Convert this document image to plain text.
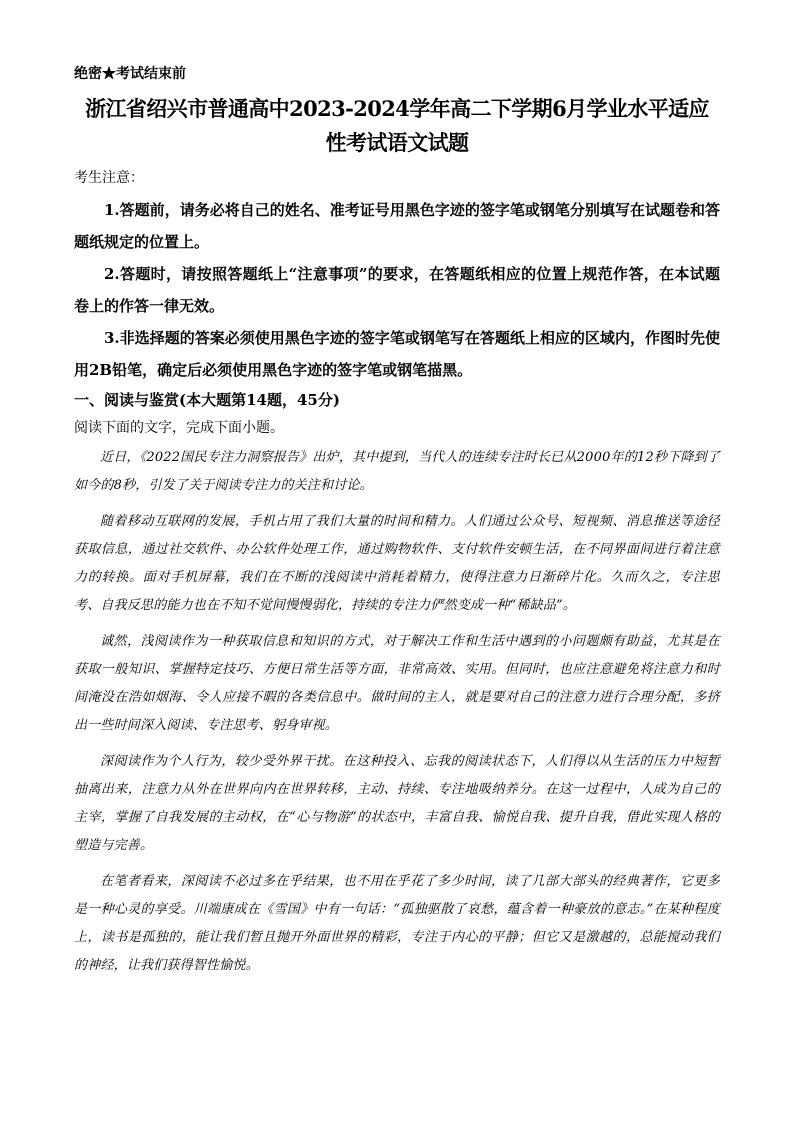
绝密★考试结束前

浙江省绍兴市普通高中2023-2024学年高二下学期6月学业水平适应
性考试语文试题

考生注意：

1.答题前，请务必将自己的姓名、准考证号用黑色字迹的签字笔或钢笔分别填写在试题卷和答题纸规定的位置上。

2.答题时，请按照答题纸上“注意事项”的要求，在答题纸相应的位置上规范作答，在本试题卷上的作答一律无效。

3.非选择题的答案必须使用黑色字迹的签字笔或钢笔写在答题纸上相应的区域内，作图时先使用2B铅笔，确定后必须使用黑色字迹的签字笔或钢笔描黑。

一、阅读与鉴赏(本大题第14题，45分)

阅读下面的文字，完成下面小题。

近日，《2022国民专注力洞察报告》出炉，其中提到，当代人的连续专注时长已从2000年的12秒下降到了如今的8秒，引发了关于阅读专注力的关注和讨论。

随着移动互联网的发展，手机占用了我们大量的时间和精力。人们通过公众号、短视频、消息推送等途径获取信息，通过社交软件、办公软件处理工作，通过购物软件、支付软件安顿生活，在不同界面间进行着注意力的转换。面对手机屏幕，我们在不断的浅阅读中消耗着精力，使得注意力日渐碎片化。久而久之，专注思考、自我反思的能力也在不知不觉间慢慢弱化，持续的专注力俨然变成一种“稀缺品”。

诚然，浅阅读作为一种获取信息和知识的方式，对于解决工作和生活中遇到的小问题颇有助益，尤其是在获取一般知识、掌握特定技巧、方便日常生活等方面，非常高效、实用。但同时，也应注意避免将注意力和时间淹没在浩如烟海、令人应接不暇的各类信息中。做时间的主人，就是要对自己的注意力进行合理分配，多挤出一些时间深入阅读、专注思考、躬身审视。

深阅读作为个人行为，较少受外界干扰。在这种投入、忘我的阅读状态下，人们得以从生活的压力中短暂抽离出来，注意力从外在世界向内在世界转移，主动、持续、专注地吸纳养分。在这一过程中，人成为自己的主宰，掌握了自我发展的主动权，在“心与物游”的状态中，丰富自我、愉悦自我、提升自我，借此实现人格的塑造与完善。

在笔者看来，深阅读不必过多在乎结果，也不用在乎花了多少时间，读了几部大部头的经典著作，它更多是一种心灵的享受。川端康成在《雪国》中有一句话：“孤独驱散了哀愁，蕴含着一种豪放的意志。”在某种程度上，读书是孤独的，能让我们暂且抛开外面世界的精彩，专注于内心的平静；但它又是激越的，总能搅动我们的神经，让我们获得智性愉悦。
